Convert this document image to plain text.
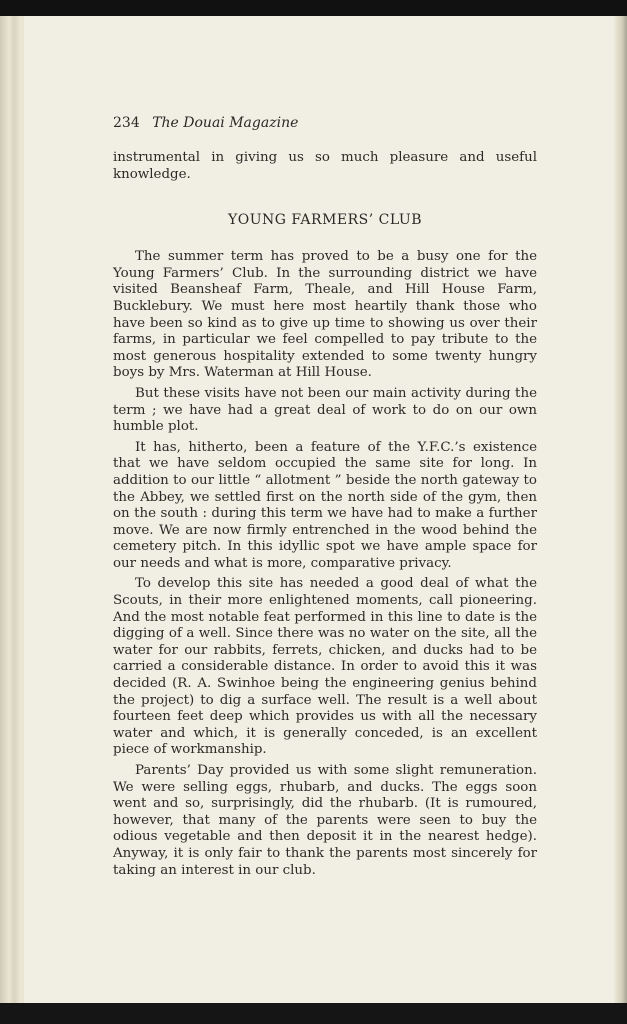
234 The Douai Magazine

instrumental in giving us so much pleasure and useful knowledge.

YOUNG FARMERS’ CLUB

The summer term has proved to be a busy one for the Young Farmers’ Club. In the surrounding district we have visited Beansheaf Farm, Theale, and Hill House Farm, Bucklebury. We must here most heartily thank those who have been so kind as to give up time to showing us over their farms, in particular we feel compelled to pay tribute to the most generous hospitality extended to some twenty hungry boys by Mrs. Waterman at Hill House.

But these visits have not been our main activity during the term ; we have had a great deal of work to do on our own humble plot.

It has, hitherto, been a feature of the Y.F.C.’s existence that we have seldom occupied the same site for long. In addition to our little “ allotment ” beside the north gateway to the Abbey, we settled first on the north side of the gym, then on the south : during this term we have had to make a further move. We are now firmly entrenched in the wood behind the cemetery pitch. In this idyllic spot we have ample space for our needs and what is more, comparative privacy.

To develop this site has needed a good deal of what the Scouts, in their more enlightened moments, call pioneering. And the most notable feat performed in this line to date is the digging of a well. Since there was no water on the site, all the water for our rabbits, ferrets, chicken, and ducks had to be carried a considerable distance. In order to avoid this it was decided (R. A. Swinhoe being the engineering genius behind the project) to dig a surface well. The result is a well about fourteen feet deep which provides us with all the necessary water and which, it is generally conceded, is an excellent piece of workmanship.

Parents’ Day provided us with some slight remuneration. We were selling eggs, rhubarb, and ducks. The eggs soon went and so, surprisingly, did the rhubarb. (It is rumoured, however, that many of the parents were seen to buy the odious vegetable and then deposit it in the nearest hedge). Anyway, it is only fair to thank the parents most sincerely for taking an interest in our club.
